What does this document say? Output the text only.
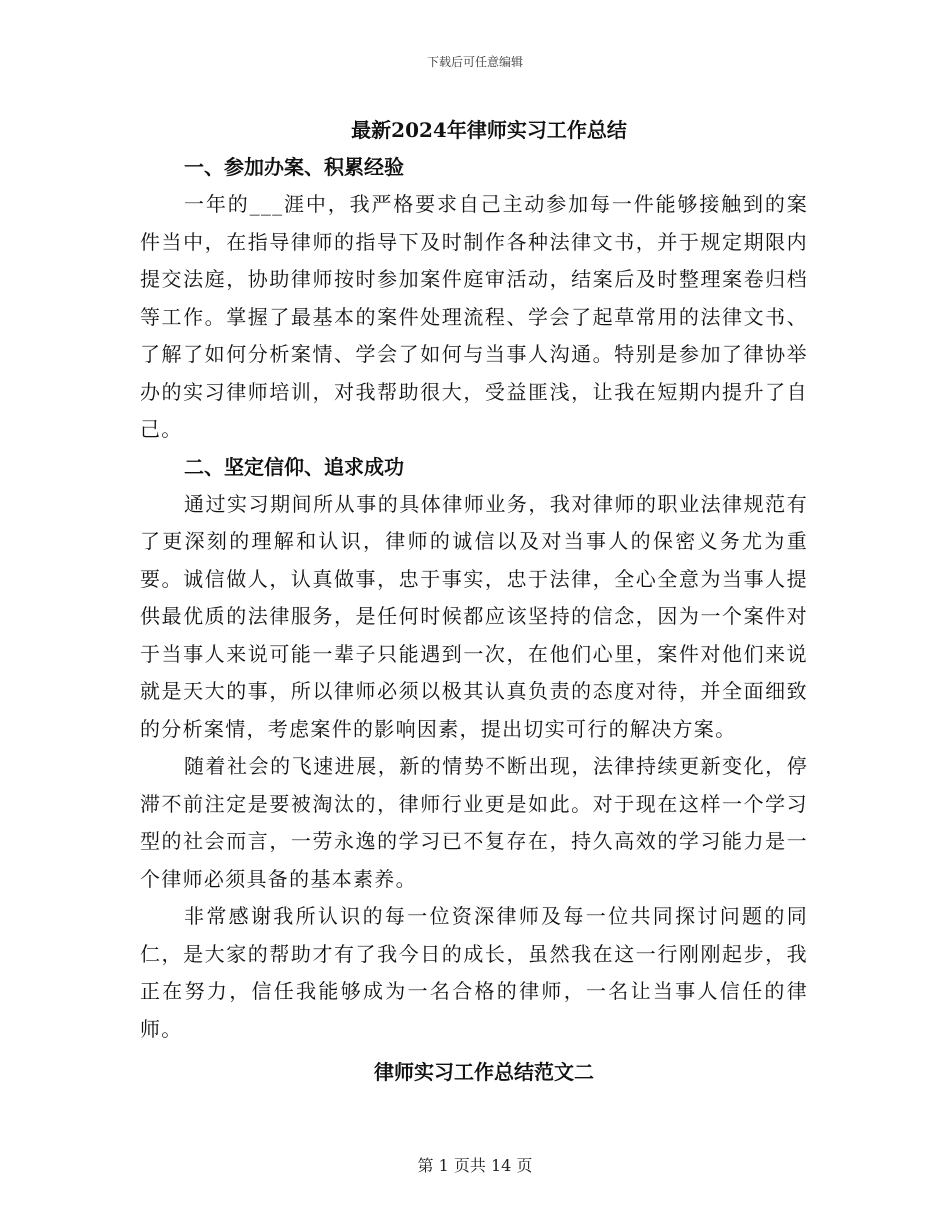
下载后可任意编辑
最新2024年律师实习工作总结
一、参加办案、积累经验

一年的___涯中，我严格要求自己主动参加每一件能够接触到的案件当中，在指导律师的指导下及时制作各种法律文书，并于规定期限内提交法庭，协助律师按时参加案件庭审活动，结案后及时整理案卷归档等工作。掌握了最基本的案件处理流程、学会了起草常用的法律文书、了解了如何分析案情、学会了如何与当事人沟通。特别是参加了律协举办的实习律师培训，对我帮助很大，受益匪浅，让我在短期内提升了自己。

二、坚定信仰、追求成功

通过实习期间所从事的具体律师业务，我对律师的职业法律规范有了更深刻的理解和认识，律师的诚信以及对当事人的保密义务尤为重要。诚信做人，认真做事，忠于事实，忠于法律，全心全意为当事人提供最优质的法律服务，是任何时候都应该坚持的信念，因为一个案件对于当事人来说可能一辈子只能遇到一次，在他们心里，案件对他们来说就是天大的事，所以律师必须以极其认真负责的态度对待，并全面细致的分析案情，考虑案件的影响因素，提出切实可行的解决方案。

随着社会的飞速进展，新的情势不断出现，法律持续更新变化，停滞不前注定是要被淘汰的，律师行业更是如此。对于现在这样一个学习型的社会而言，一劳永逸的学习已不复存在，持久高效的学习能力是一个律师必须具备的基本素养。

非常感谢我所认识的每一位资深律师及每一位共同探讨问题的同仁，是大家的帮助才有了我今日的成长，虽然我在这一行刚刚起步，我正在努力，信任我能够成为一名合格的律师，一名让当事人信任的律师。

律师实习工作总结范文二
第 1 页共 14 页
